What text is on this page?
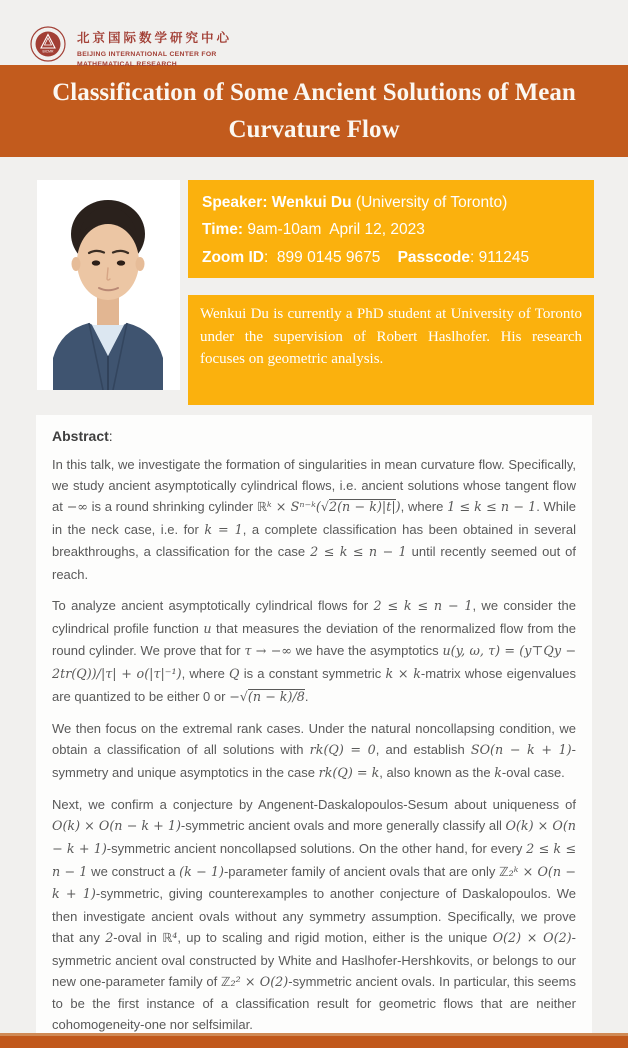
BICMR
北京国际数学研究中心
BEIJING INTERNATIONAL CENTER FOR
MATHEMATICAL RESEARCH
Classification of Some Ancient Solutions of Mean Curvature Flow
Speaker: Wenkui Du (University of Toronto)
Time: 9am-10am  April 12, 2023
Zoom ID:  899 0145 9675 Passcode: 911245
Wenkui Du is currently a PhD student at University of Toronto under the supervision of Robert Haslhofer. His research focuses on geometric analysis.
Abstract:

In this talk, we investigate the formation of singularities in mean curvature flow. Specifically, we study ancient asymptotically cylindrical flows, i.e. ancient solutions whose tangent flow at −∞ is a round shrinking cylinder ℝᵏ × Sⁿ⁻ᵏ(√2(n − k)|t|), where 1 ≤ k ≤ n − 1. While in the neck case, i.e. for k = 1, a complete classification has been obtained in several breakthroughs, a classification for the case 2 ≤ k ≤ n − 1 until recently seemed out of reach.

To analyze ancient asymptotically cylindrical flows for 2 ≤ k ≤ n − 1, we consider the cylindrical profile function u that measures the deviation of the renormalized flow from the round cylinder. We prove that for τ → −∞ we have the asymptotics u(y, ω, τ) = (y⊤Qy − 2tr(Q))/|τ| + o(|τ|⁻¹), where Q is a constant symmetric k × k-matrix whose eigenvalues are quantized to be either 0 or −√(n − k)/8.

We then focus on the extremal rank cases. Under the natural noncollapsing condition, we obtain a classification of all solutions with rk(Q) = 0, and establish SO(n − k + 1)-symmetry and unique asymptotics in the case rk(Q) = k, also known as the k-oval case.

Next, we confirm a conjecture by Angenent-Daskalopoulos-Sesum about uniqueness of O(k) × O(n − k + 1)-symmetric ancient ovals and more generally classify all O(k) × O(n − k + 1)-symmetric ancient noncollapsed solutions. On the other hand, for every 2 ≤ k ≤ n − 1 we construct a (k − 1)-parameter family of ancient ovals that are only ℤ₂ᵏ × O(n − k + 1)-symmetric, giving counterexamples to another conjecture of Daskalopoulos. We then investigate ancient ovals without any symmetry assumption. Specifically, we prove that any 2-oval in ℝ⁴, up to scaling and rigid motion, either is the unique O(2) × O(2)-symmetric ancient oval constructed by White and Haslhofer-Hershkovits, or belongs to our new one-parameter family of ℤ₂² × O(2)-symmetric ancient ovals. In particular, this seems to be the first instance of a classification result for geometric flows that are neither cohomogeneity-one nor selfsimilar.
